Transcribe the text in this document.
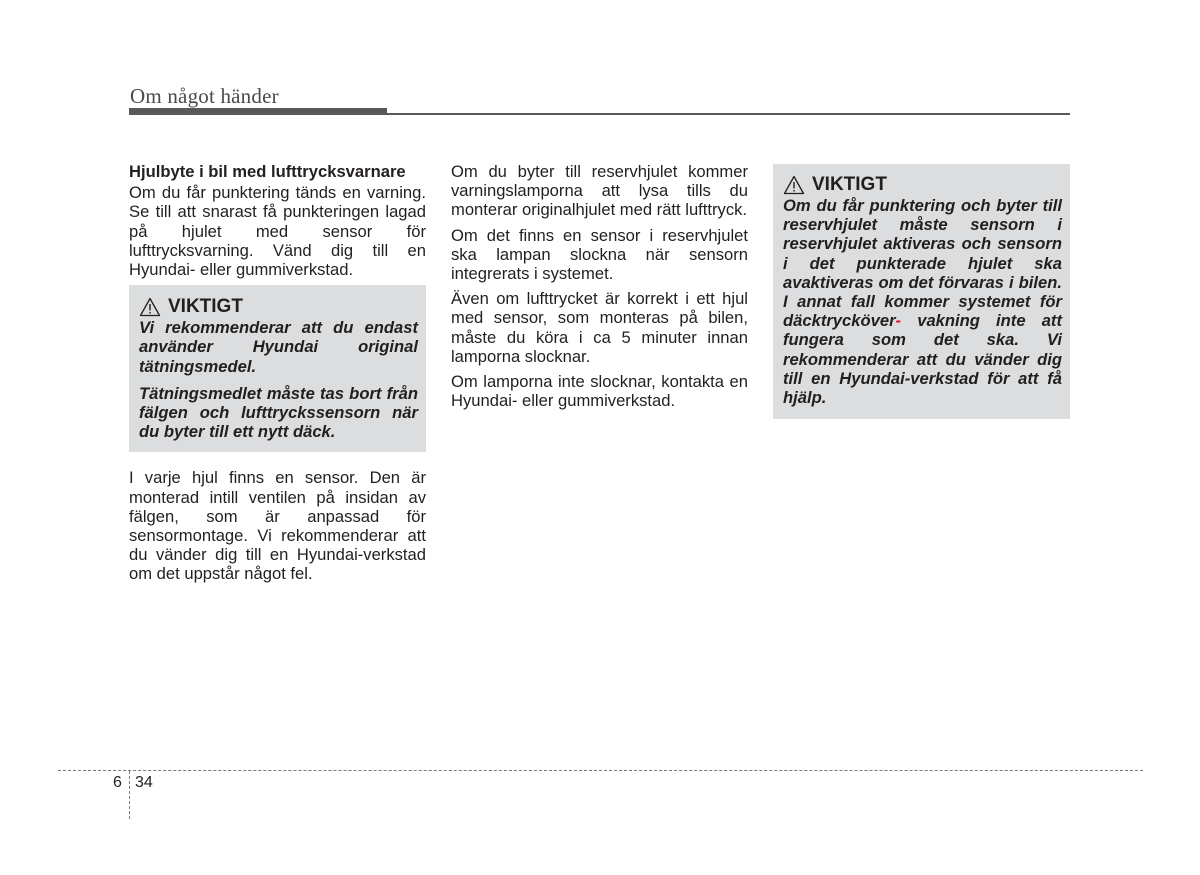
Om något händer

Hjulbyte i bil med lufttrycksvarnare

Om du får punktering tänds en varning. Se till att snarast få punkteringen lagad på hjulet med sensor för lufttrycksvarning. Vänd dig till en Hyundai- eller gummiverkstad.

VIKTIGT

Vi rekommenderar att du endast använder Hyundai original tätningsmedel.

Tätningsmedlet måste tas bort från fälgen och lufttryckssensorn när du byter till ett nytt däck.

I varje hjul finns en sensor. Den är monterad intill ventilen på insidan av fälgen, som är anpassad för sensormontage. Vi rekommenderar att du vänder dig till en Hyundai-verkstad om det uppstår något fel.

Om du byter till reservhjulet kommer varningslamporna att lysa tills du monterar originalhjulet med rätt lufttryck.

Om det finns en sensor i reservhjulet ska lampan slockna när sensorn integrerats i systemet.

Även om lufttrycket är korrekt i ett hjul med sensor, som monteras på bilen, måste du köra i ca 5 minuter innan lamporna slocknar.

Om lamporna inte slocknar, kontakta en Hyundai- eller gummiverkstad.

VIKTIGT

Om du får punktering och byter till reservhjulet måste sensorn i reservhjulet aktiveras och sensorn i det punkterade hjulet ska avaktiveras om det förvaras i bilen. I annat fall kommer systemet för däcktrycköver- vakning inte att fungera som det ska. Vi rekommenderar att du vänder dig till en Hyundai-verkstad för att få hjälp.

6 34
